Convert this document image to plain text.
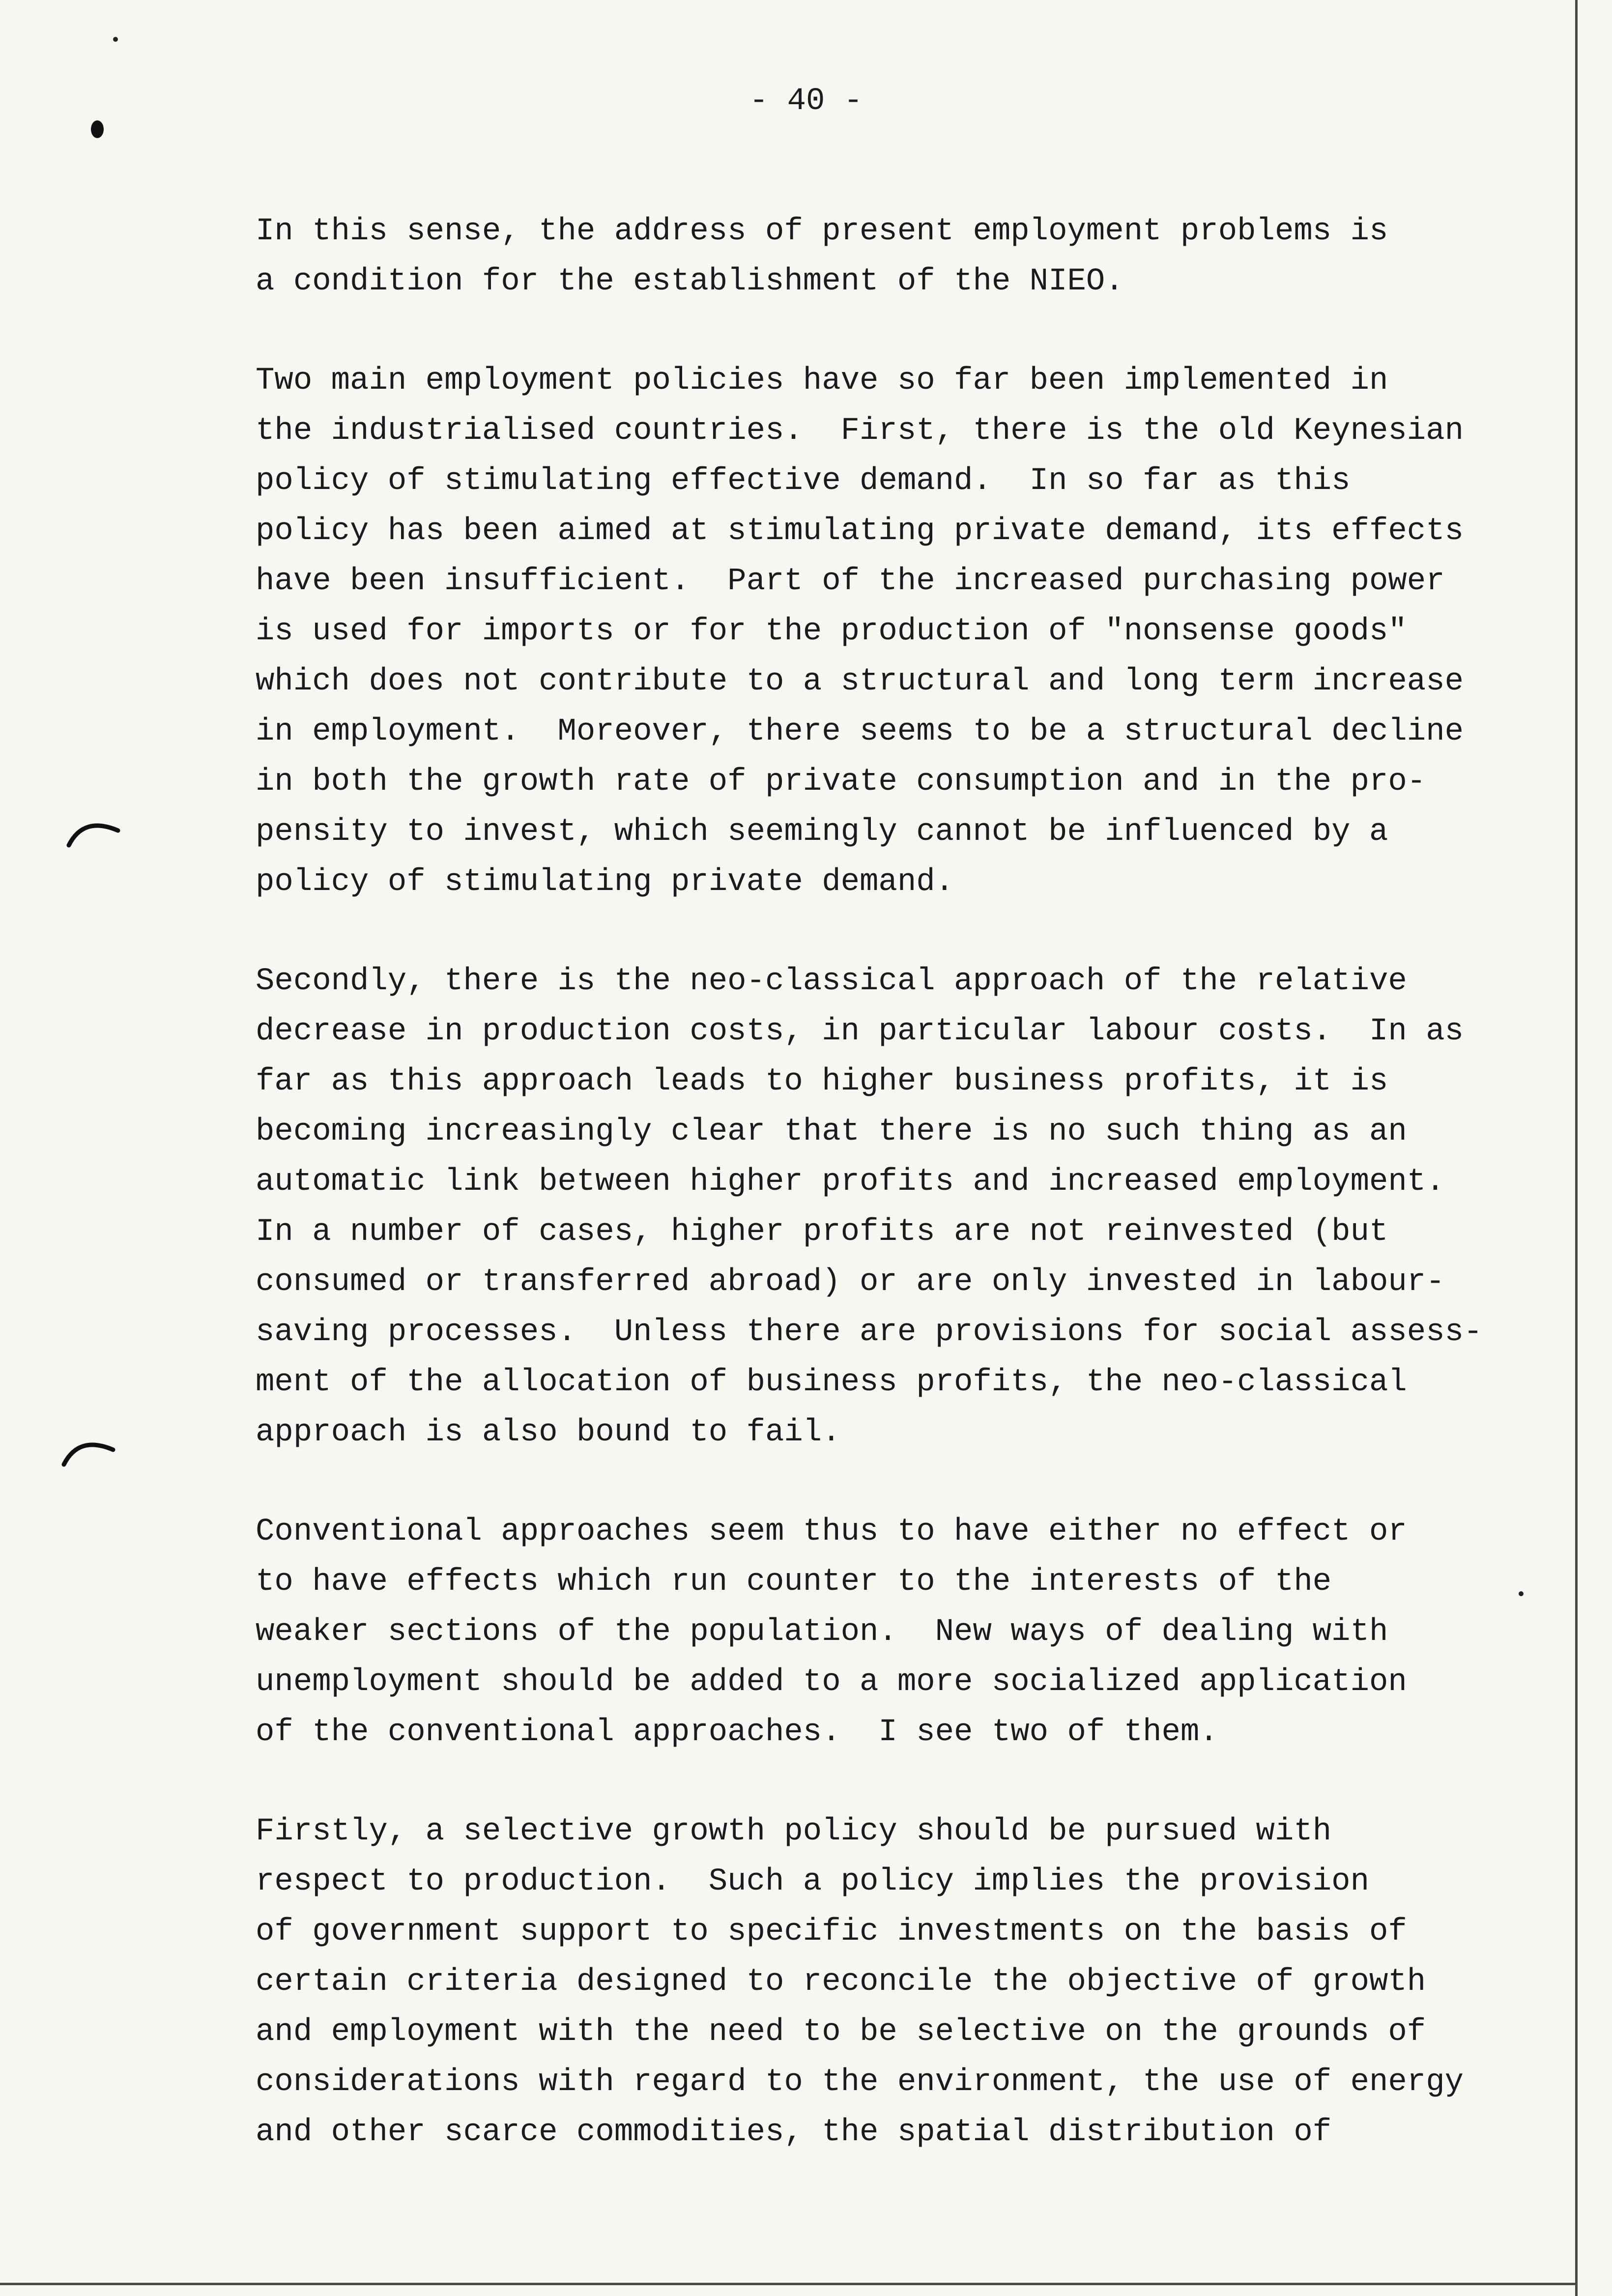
- 40 -
In this sense, the address of present employment problems is
a condition for the establishment of the NIEO.
Two main employment policies have so far been implemented in
the industrialised countries.  First, there is the old Keynesian
policy of stimulating effective demand.  In so far as this
policy has been aimed at stimulating private demand, its effects
have been insufficient.  Part of the increased purchasing power
is used for imports or for the production of "nonsense goods"
which does not contribute to a structural and long term increase
in employment.  Moreover, there seems to be a structural decline
in both the growth rate of private consumption and in the pro-
pensity to invest, which seemingly cannot be influenced by a
policy of stimulating private demand.
Secondly, there is the neo-classical approach of the relative
decrease in production costs, in particular labour costs.  In as
far as this approach leads to higher business profits, it is
becoming increasingly clear that there is no such thing as an
automatic link between higher profits and increased employment.
In a number of cases, higher profits are not reinvested (but
consumed or transferred abroad) or are only invested in labour-
saving processes.  Unless there are provisions for social assess-
ment of the allocation of business profits, the neo-classical
approach is also bound to fail.
Conventional approaches seem thus to have either no effect or
to have effects which run counter to the interests of the
weaker sections of the population.  New ways of dealing with
unemployment should be added to a more socialized application
of the conventional approaches.  I see two of them.
Firstly, a selective growth policy should be pursued with
respect to production.  Such a policy implies the provision
of government support to specific investments on the basis of
certain criteria designed to reconcile the objective of growth
and employment with the need to be selective on the grounds of
considerations with regard to the environment, the use of energy
and other scarce commodities, the spatial distribution of
